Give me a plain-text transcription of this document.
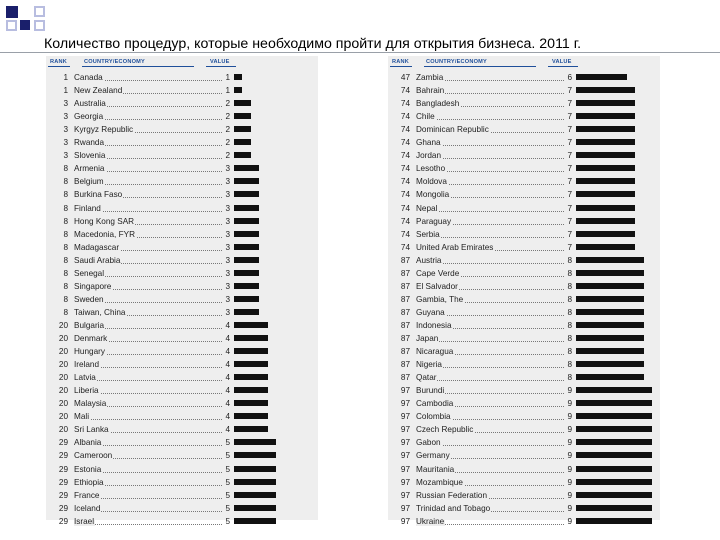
Количество процедур, которые необходимо пройти для открытия бизнеса. 2011 г.
RANK	COUNTRY/ECONOMY	VALUE
1 Canada	1
1 New Zealand	1
3 Australia	2
3 Georgia	2
3 Kyrgyz Republic	2
3 Rwanda	2
3 Slovenia	2
8 Armenia	3
8 Belgium	3
8 Burkina Faso	3
8 Finland	3
8 Hong Kong SAR	3
8 Macedonia, FYR	3
8 Madagascar	3
8 Saudi Arabia	3
8 Senegal	3
8 Singapore	3
8 Sweden	3
8 Taiwan, China	3
20 Bulgaria	4
20 Denmark	4
20 Hungary	4
20 Ireland	4
20 Latvia	4
20 Liberia	4
20 Malaysia	4
20 Mali	4
20 Sri Lanka	4
29 Albania	5
29 Cameroon	5
29 Estonia	5
29 Ethiopia	5
29 France	5
29 Iceland	5
29 Israel	5
RANK	COUNTRY/ECONOMY	VALUE
47 Zambia	6
74 Bahrain	7
74 Bangladesh	7
74 Chile	7
74 Dominican Republic	7
74 Ghana	7
74 Jordan	7
74 Lesotho	7
74 Moldova	7
74 Mongolia	7
74 Nepal	7
74 Paraguay	7
74 Serbia	7
74 United Arab Emirates	7
87 Austria	8
87 Cape Verde	8
87 El Salvador	8
87 Gambia, The	8
87 Guyana	8
87 Indonesia	8
87 Japan	8
87 Nicaragua	8
87 Nigeria	8
87 Qatar	8
97 Burundi	9
97 Cambodia	9
97 Colombia	9
97 Czech Republic	9
97 Gabon	9
97 Germany	9
97 Mauritania	9
97 Mozambique	9
97 Russian Federation	9
97 Trinidad and Tobago	9
97 Ukraine	9
